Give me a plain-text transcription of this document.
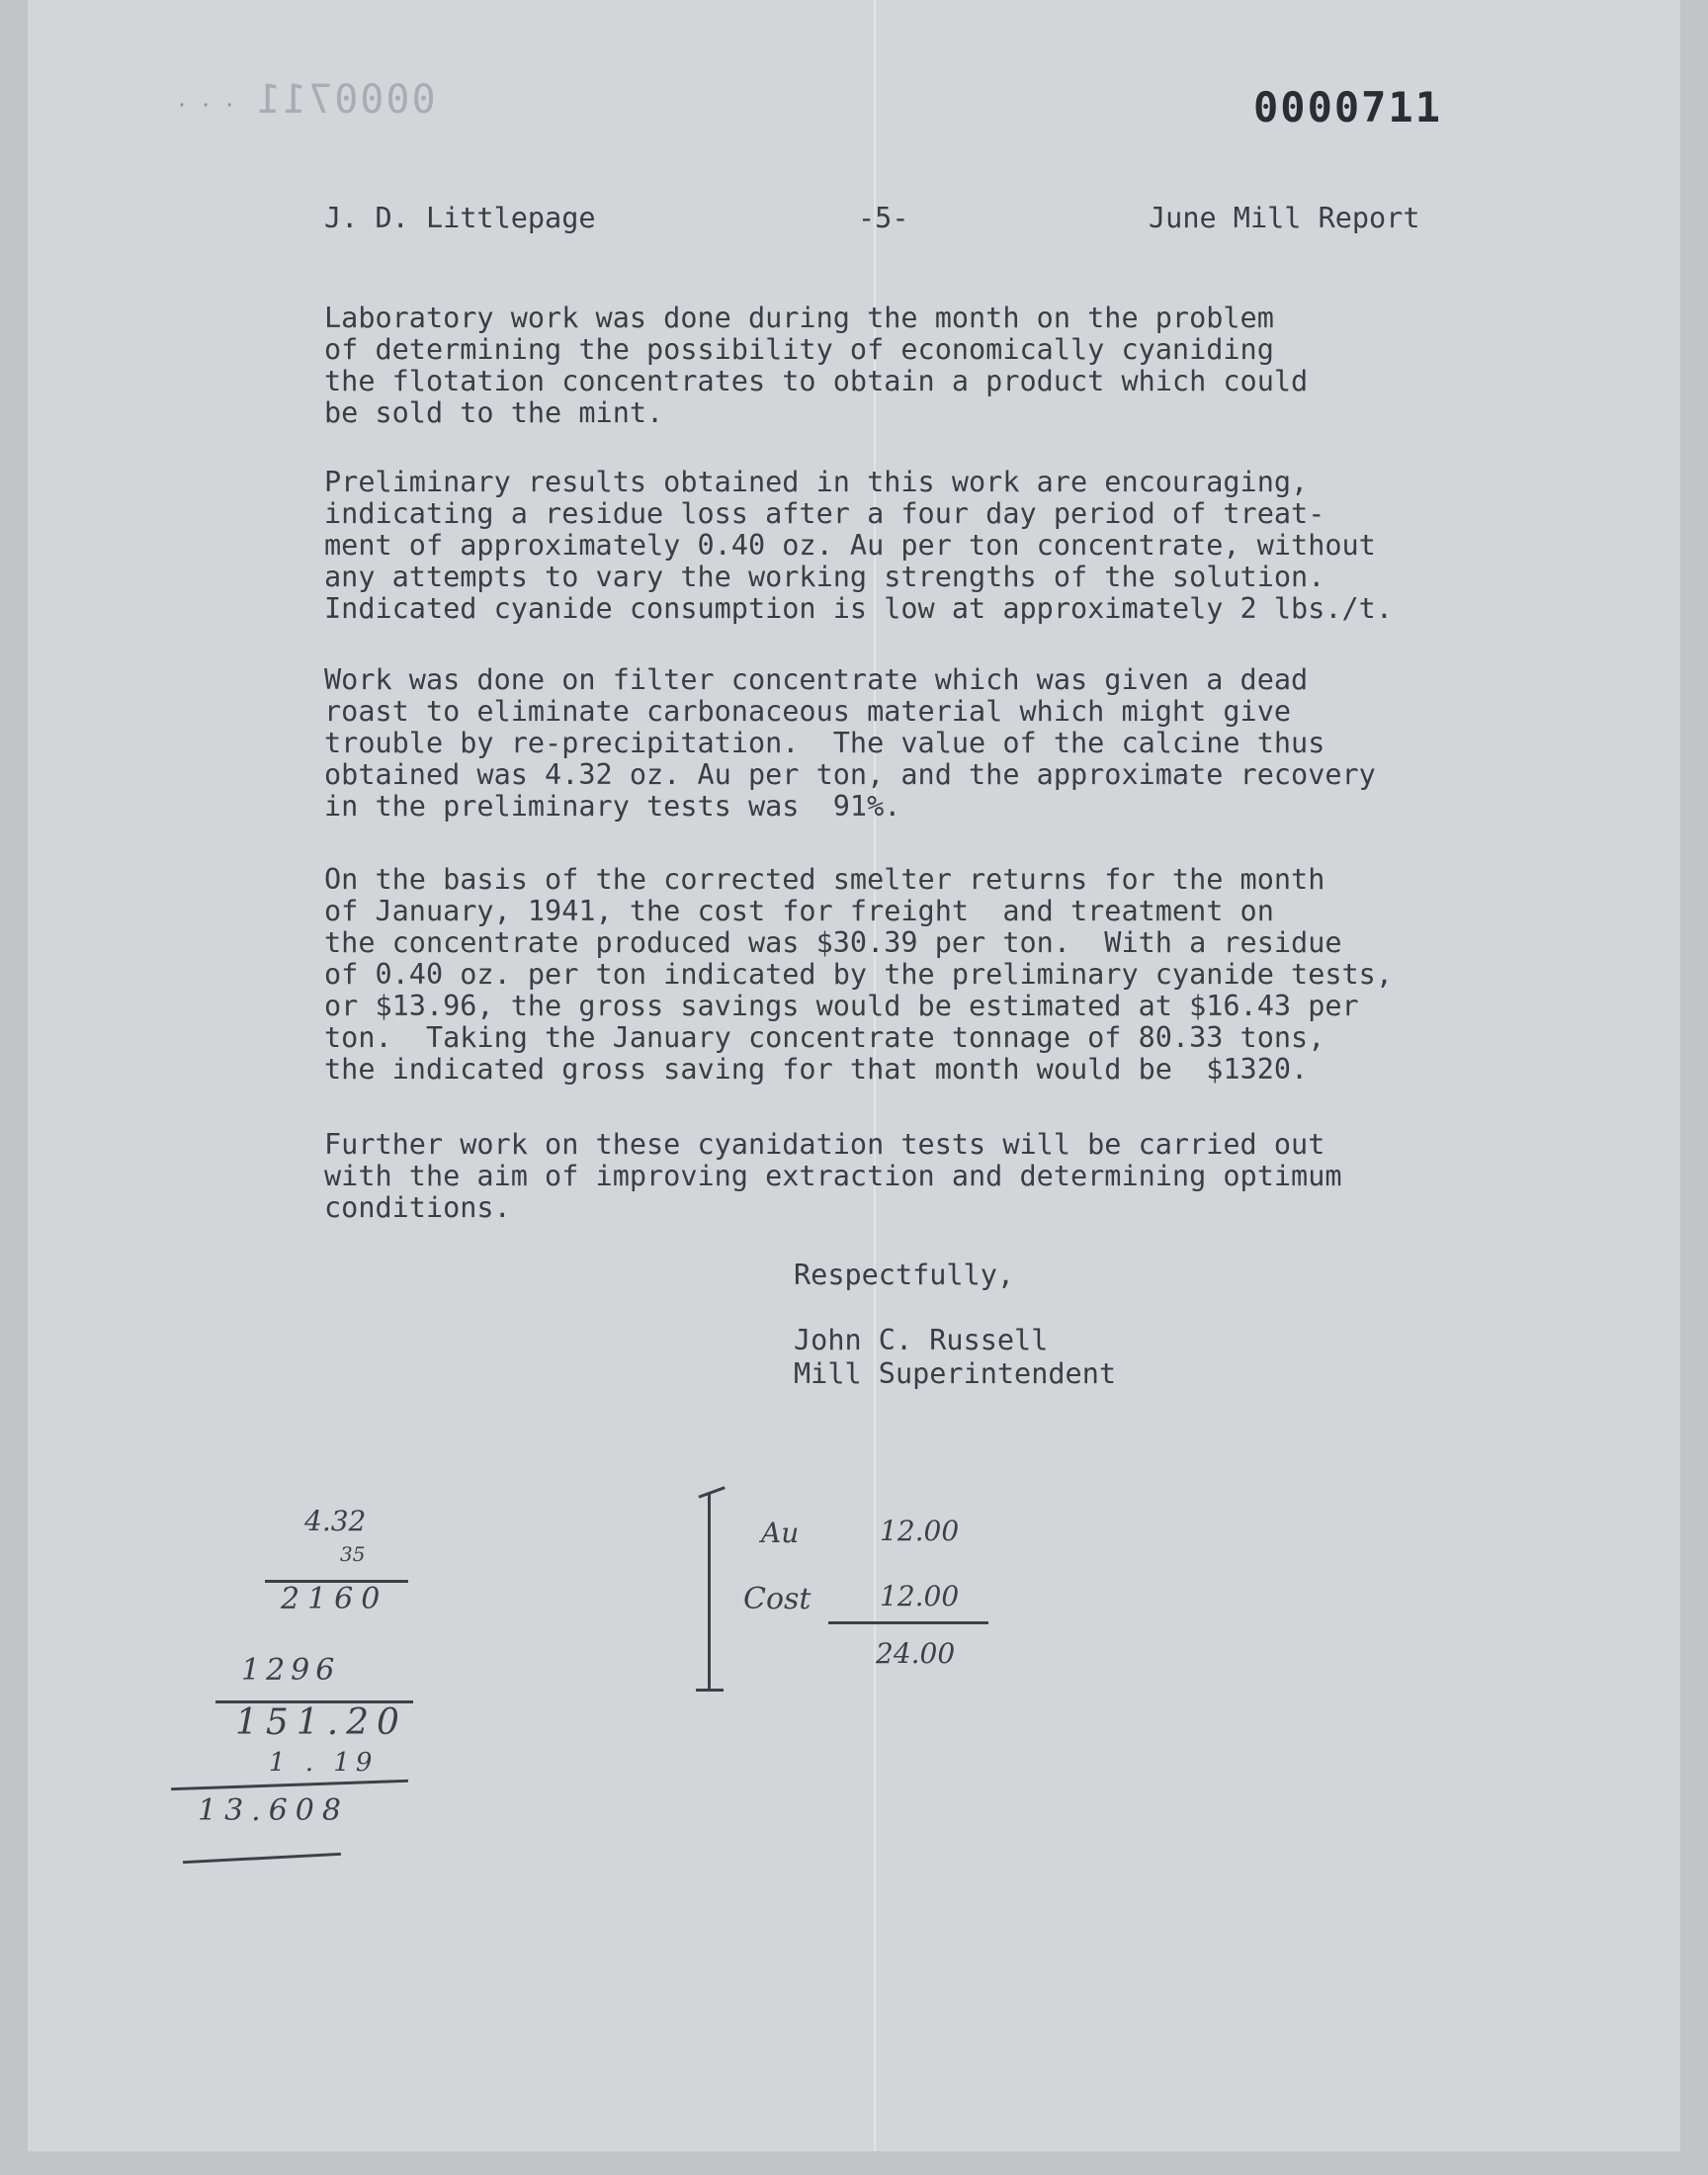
· · · 0000711	0000711
J. D. Littlepage	-5-	June Mill Report
Laboratory work was done during the month on the problem
of determining the possibility of economically cyaniding
the flotation concentrates to obtain a product which could
be sold to the mint.
Preliminary results obtained in this work are encouraging,
indicating a residue loss after a four day period of treat-
ment of approximately 0.40 oz. Au per ton concentrate, without
any attempts to vary the working strengths of the solution.
Indicated cyanide consumption is low at approximately 2 lbs./t.
Work was done on filter concentrate which was given a dead
roast to eliminate carbonaceous material which might give
trouble by re-precipitation.  The value of the calcine thus
obtained was 4.32 oz. Au per ton, and the approximate recovery
in the preliminary tests was  91%.
On the basis of the corrected smelter returns for the month
of January, 1941, the cost for freight  and treatment on
the concentrate produced was $30.39 per ton.  With a residue
of 0.40 oz. per ton indicated by the preliminary cyanide tests,
or $13.96, the gross savings would be estimated at $16.43 per
ton.  Taking the January concentrate tonnage of 80.33 tons,
the indicated gross saving for that month would be  $1320.
Further work on these cyanidation tests will be carried out
with the aim of improving extraction and determining optimum
conditions.
Respectfully,
John C. Russell
Mill Superintendent
4.32
35
2160
1296
151.20
1 . 19
13.608
Au	12.00
Cost 12.00
24.00
